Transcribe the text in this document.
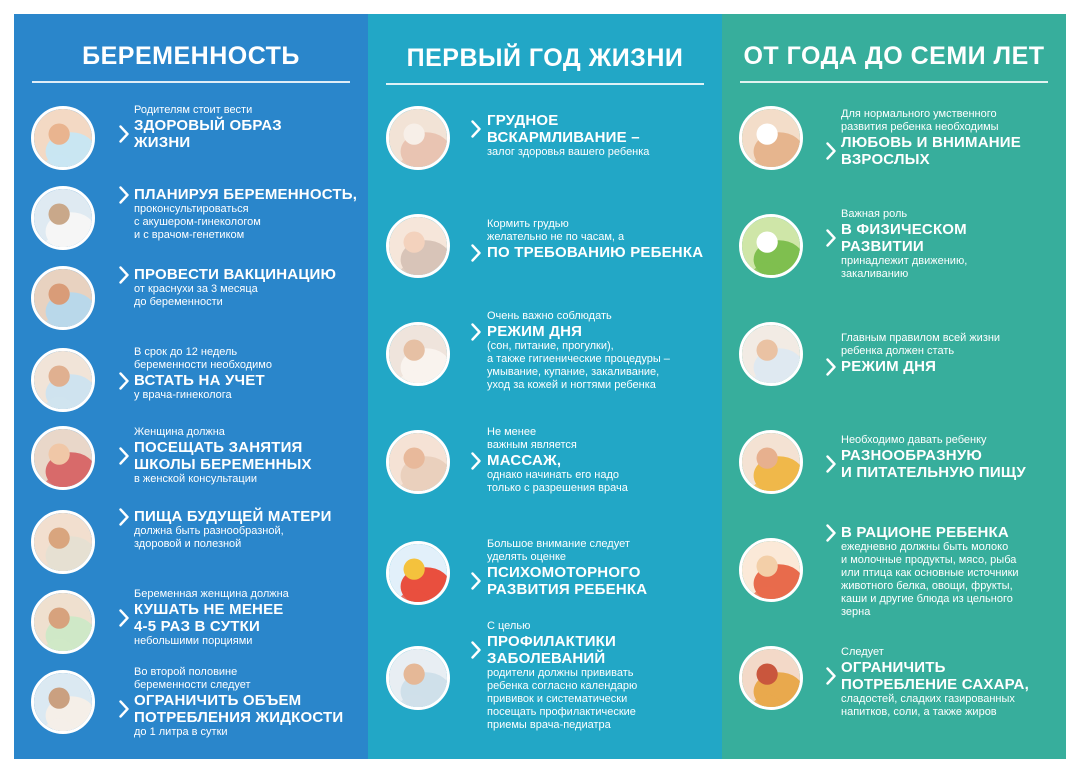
БЕРЕМЕННОСТЬ
Родителям стоит вести
ЗДОРОВЫЙ ОБРАЗ
ЖИЗНИ
ПЛАНИРУЯ БЕРЕМЕННОСТЬ,
проконсультироваться
с акушером-гинекологом
и с врачом-генетиком
ПРОВЕСТИ ВАКЦИНАЦИЮ
от краснухи за 3 месяца
до беременности
В срок до 12 недель
беременности необходимо
ВСТАТЬ НА УЧЕТ
у врача-гинеколога
Женщина должна
ПОСЕЩАТЬ ЗАНЯТИЯ
ШКОЛЫ БЕРЕМЕННЫХ
в женской консультации
ПИЩА БУДУЩЕЙ МАТЕРИ
должна быть разнообразной,
здоровой и полезной
Беременная женщина должна
КУШАТЬ НЕ МЕНЕЕ
4-5 РАЗ В СУТКИ
небольшими порциями
Во второй половине
беременности следует
ОГРАНИЧИТЬ ОБЪЕМ
ПОТРЕБЛЕНИЯ ЖИДКОСТИ
до 1 литра в сутки
ПЕРВЫЙ ГОД ЖИЗНИ
ГРУДНОЕ
ВСКАРМЛИВАНИЕ –
залог здоровья вашего ребенка
Кормить грудью
желательно не по часам, а
ПО ТРЕБОВАНИЮ РЕБЕНКА
Очень важно соблюдать
РЕЖИМ ДНЯ
(сон, питание, прогулки),
а также гигиенические процедуры –
умывание, купание, закаливание,
уход за кожей и ногтями ребенка
Не менее
важным является
МАССАЖ,
однако начинать его надо
только с разрешения врача
Большое внимание следует
уделять оценке
ПСИХОМОТОРНОГО
РАЗВИТИЯ РЕБЕНКА
С целью
ПРОФИЛАКТИКИ
ЗАБОЛЕВАНИЙ
родители должны прививать
ребенка согласно календарю
прививок и систематически
посещать профилактические
приемы врача-педиатра
ОТ ГОДА ДО СЕМИ ЛЕТ
Для нормального умственного
развития ребенка необходимы
ЛЮБОВЬ И ВНИМАНИЕ
ВЗРОСЛЫХ
Важная роль
В ФИЗИЧЕСКОМ
РАЗВИТИИ
принадлежит движению,
закаливанию
Главным правилом всей жизни
ребенка должен стать
РЕЖИМ ДНЯ
Необходимо давать ребенку
РАЗНООБРАЗНУЮ
И ПИТАТЕЛЬНУЮ ПИЩУ
В РАЦИОНЕ РЕБЕНКА
ежедневно должны быть молоко
и молочные продукты, мясо, рыба
или птица как основные источники
животного белка, овощи, фрукты,
каши и другие блюда из цельного
зерна
Следует
ОГРАНИЧИТЬ
ПОТРЕБЛЕНИЕ САХАРА,
сладостей, сладких газированных
напитков, соли, а также жиров
